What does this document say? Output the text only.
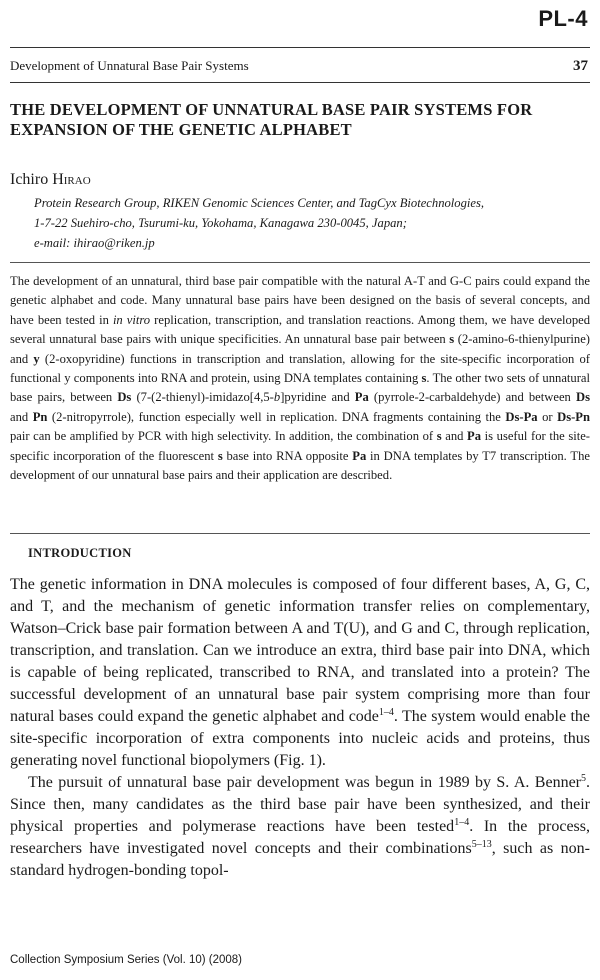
PL-4
Development of Unnatural Base Pair Systems	37
THE DEVELOPMENT OF UNNATURAL BASE PAIR SYSTEMS FOR
EXPANSION OF THE GENETIC ALPHABET
Ichiro Hirao
Protein Research Group, RIKEN Genomic Sciences Center, and TagCyx Biotechnologies,
1-7-22 Suehiro-cho, Tsurumi-ku, Yokohama, Kanagawa 230-0045, Japan;
e-mail: ihirao@riken.jp
The development of an unnatural, third base pair compatible with the natural A-T and G-C pairs could expand the genetic alphabet and code. Many unnatural base pairs have been designed on the basis of several concepts, and have been tested in in vitro replication, transcription, and translation reactions. Among them, we have developed several unnatural base pairs with unique specificities. An unnatural base pair between s (2-amino-6-thienylpurine) and y (2-oxopyridine) functions in transcription and translation, allowing for the site-specific incorporation of functional y components into RNA and protein, using DNA templates containing s. The other two sets of unnatural base pairs, between Ds (7-(2-thienyl)-imidazo[4,5-b]pyridine and Pa (pyrrole-2-carbaldehyde) and between Ds and Pn (2-nitropyrrole), function especially well in replication. DNA fragments containing the Ds-Pa or Ds-Pn pair can be amplified by PCR with high selectivity. In addition, the combination of s and Pa is useful for the site-specific incorporation of the fluorescent s base into RNA opposite Pa in DNA templates by T7 transcription. The development of our unnatural base pairs and their application are described.
INTRODUCTION

The genetic information in DNA molecules is composed of four different bases, A, G, C, and T, and the mechanism of genetic information transfer relies on complementary, Watson–Crick base pair formation between A and T(U), and G and C, through replication, transcription, and translation. Can we introduce an extra, third base pair into DNA, which is capable of being replicated, transcribed to RNA, and translated into a protein? The successful development of an unnatural base pair system comprising more than four natural bases could expand the genetic alphabet and code$^{1-4}$. The system would enable the site-specific incorporation of extra components into nucleic acids and proteins, thus generating novel functional biopolymers (Fig. 1).

The pursuit of unnatural base pair development was begun in 1989 by S. A. Benner$^5$. Since then, many candidates as the third base pair have been synthesized, and their physical properties and polymerase reactions have been tested$^{1-4}$. In the process, researchers have investigated novel concepts and their combinations$^{5-13}$, such as non-standard hydrogen-bonding topol-

Collection Symposium Series (Vol. 10) (2008)
